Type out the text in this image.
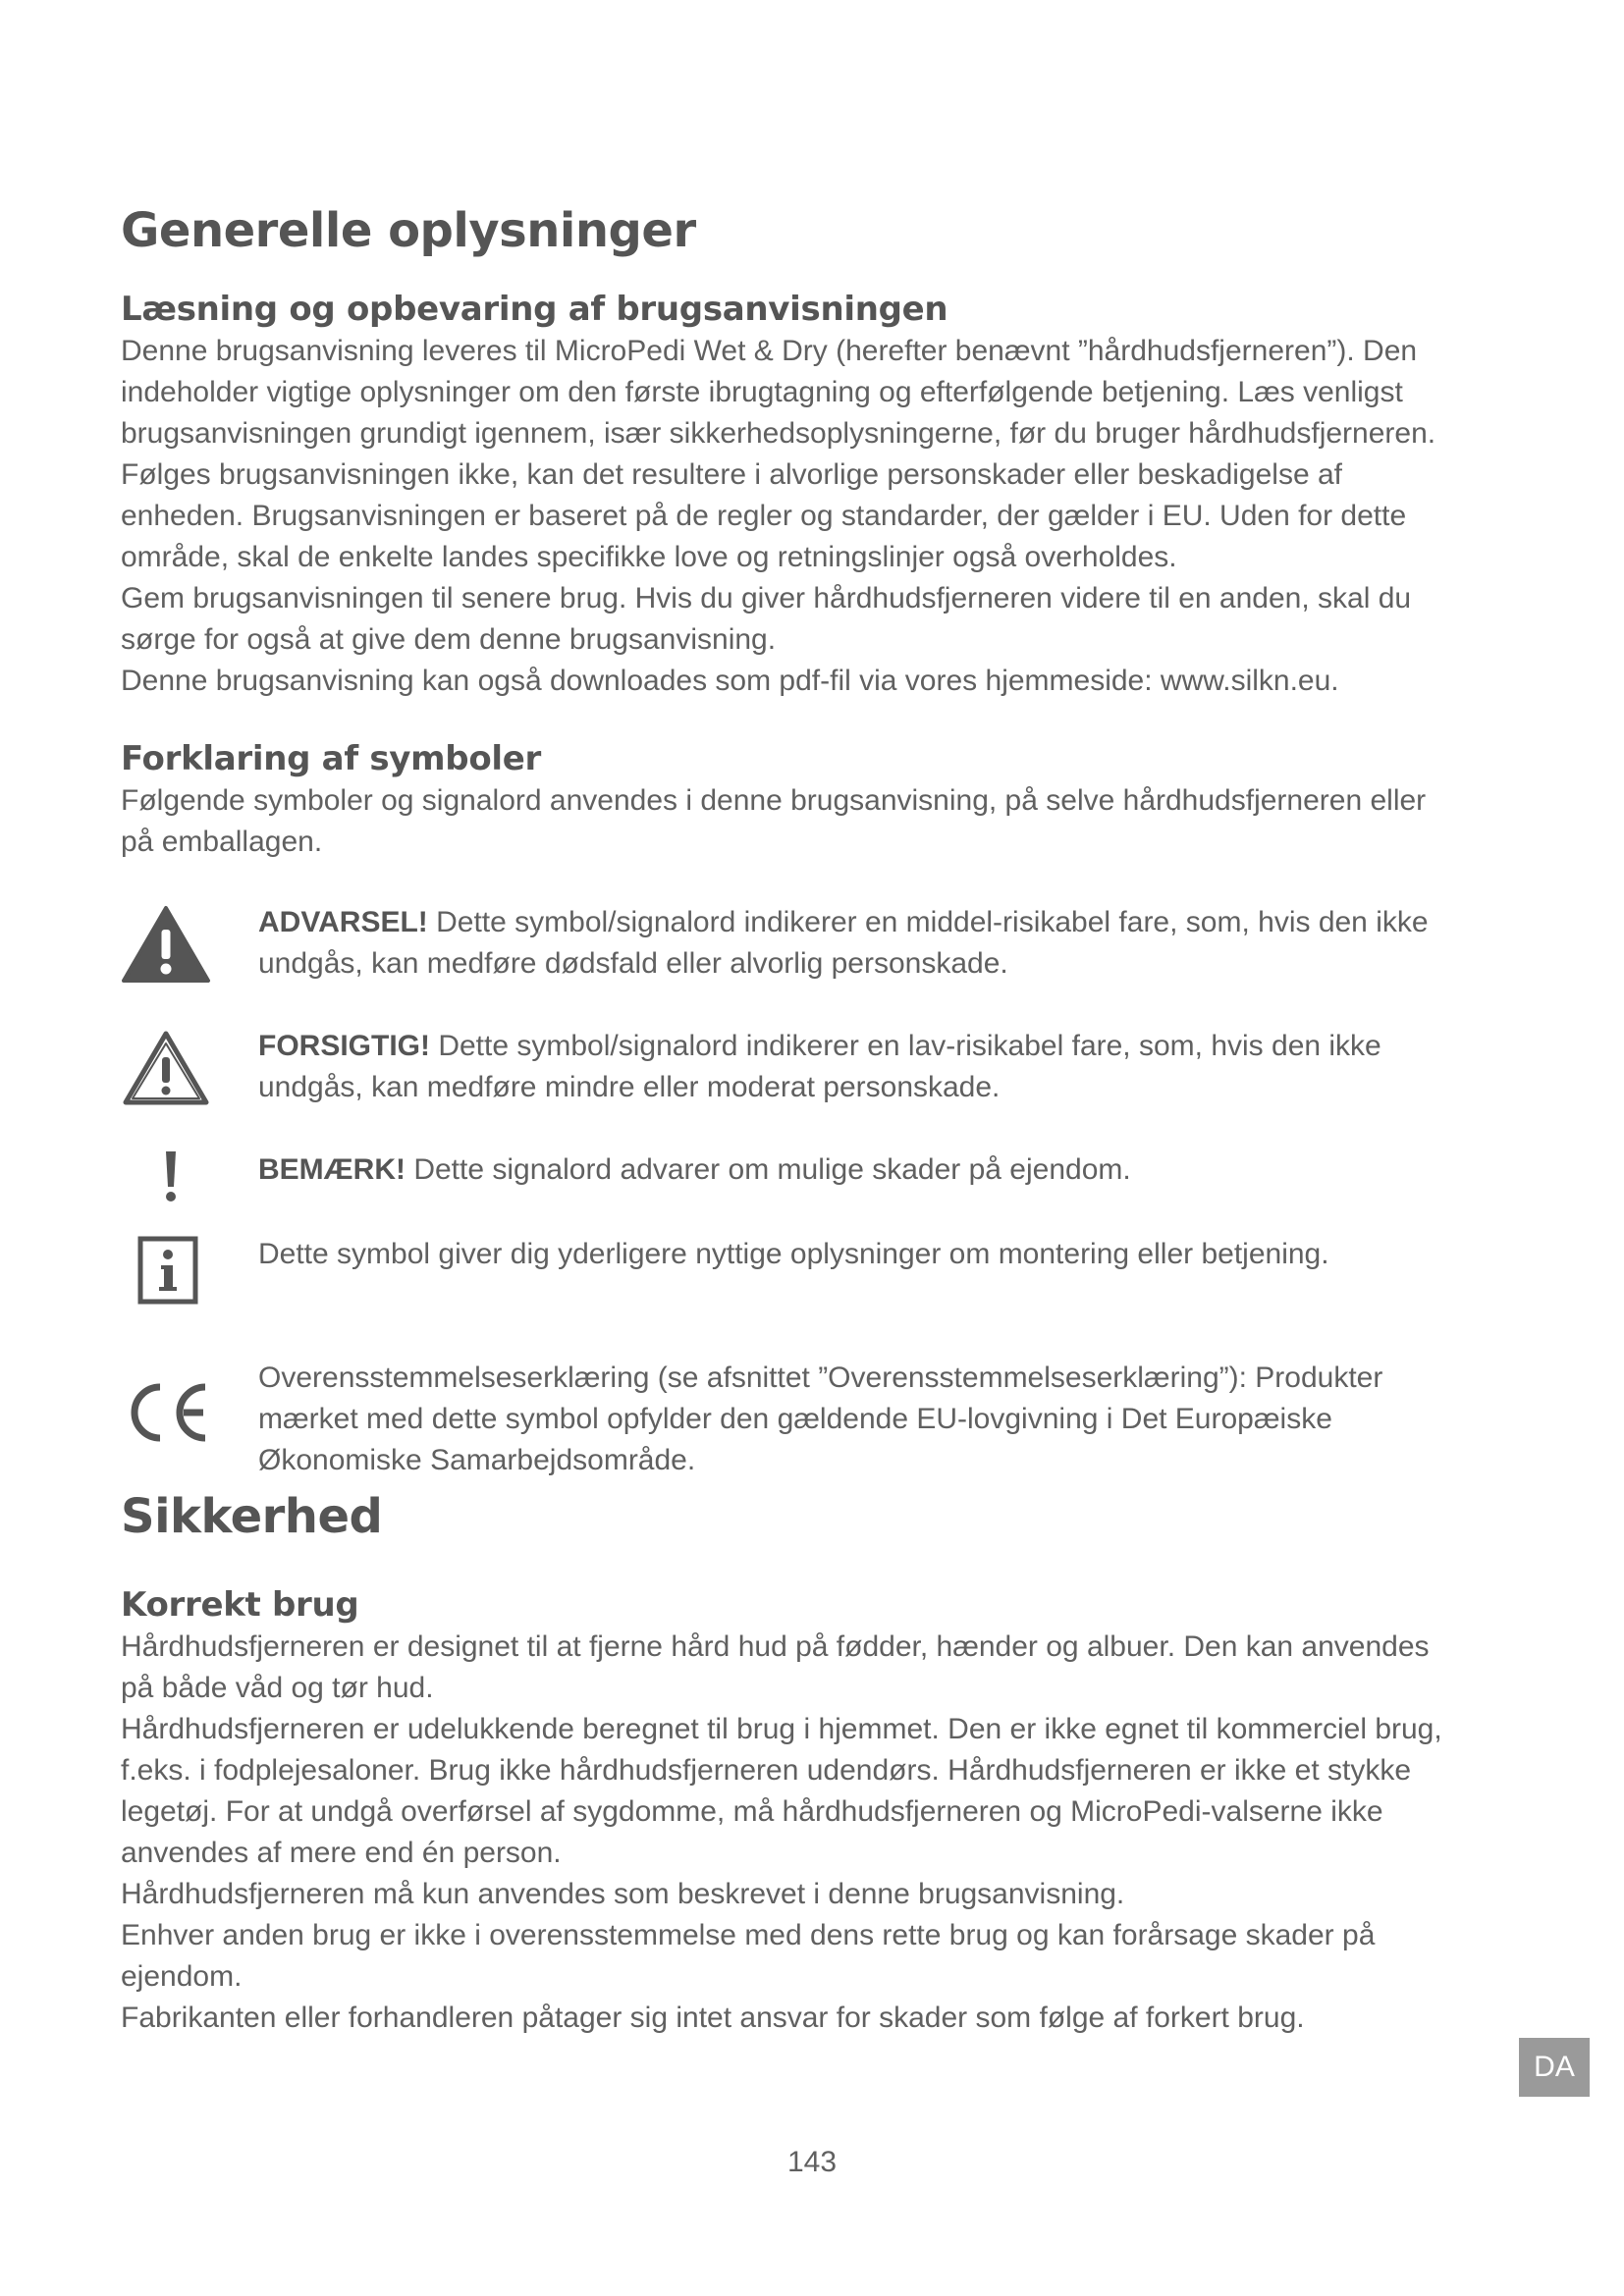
Generelle oplysninger
Læsning og opbevaring af brugsanvisningen

Denne brugsanvisning leveres til MicroPedi Wet & Dry (herefter benævnt ”hårdhudsfjerneren”). Den indeholder vigtige oplysninger om den første ibrugtagning og efterfølgende betjening. Læs venligst brugsanvisningen grundigt igennem, især sikkerhedsoplysningerne, før du bruger hårdhudsfjerneren. Følges brugsanvisningen ikke, kan det resultere i alvorlige personskader eller beskadigelse af enheden. Brugsanvisningen er baseret på de regler og standarder, der gælder i EU. Uden for dette område, skal de enkelte landes specifikke love og retningslinjer også overholdes.

Gem brugsanvisningen til senere brug. Hvis du giver hårdhudsfjerneren videre til en anden, skal du sørge for også at give dem denne brugsanvisning.

Denne brugsanvisning kan også downloades som pdf-fil via vores hjemmeside: www.silkn.eu.

Forklaring af symboler

Følgende symboler og signalord anvendes i denne brugsanvisning, på selve hårdhudsfjerneren eller på emballagen.

ADVARSEL! Dette symbol/signalord indikerer en middel-risikabel fare, som, hvis den ikke undgås, kan medføre dødsfald eller alvorlig personskade.

FORSIGTIG! Dette symbol/signalord indikerer en lav-risikabel fare, som, hvis den ikke undgås, kan medføre mindre eller moderat personskade.

BEMÆRK! Dette signalord advarer om mulige skader på ejendom.

Dette symbol giver dig yderligere nyttige oplysninger om montering eller betjening.

Overensstemmelseserklæring (se afsnittet ”Overensstemmelseserklæring”): Produkter mærket med dette symbol opfylder den gældende EU-lovgivning i Det Europæiske Økonomiske Samarbejdsområde.

Sikkerhed
Korrekt brug

Hårdhudsfjerneren er designet til at fjerne hård hud på fødder, hænder og albuer. Den kan anvendes på både våd og tør hud.

Hårdhudsfjerneren er udelukkende beregnet til brug i hjemmet. Den er ikke egnet til kommerciel brug, f.eks. i fodplejesaloner. Brug ikke hårdhudsfjerneren udendørs. Hårdhudsfjerneren er ikke et stykke legetøj. For at undgå overførsel af sygdomme, må hårdhudsfjerneren og MicroPedi-valserne ikke anvendes af mere end én person.

Hårdhudsfjerneren må kun anvendes som beskrevet i denne brugsanvisning.

Enhver anden brug er ikke i overensstemmelse med dens rette brug og kan forårsage skader på ejendom.

Fabrikanten eller forhandleren påtager sig intet ansvar for skader som følge af forkert brug.

DA
143
